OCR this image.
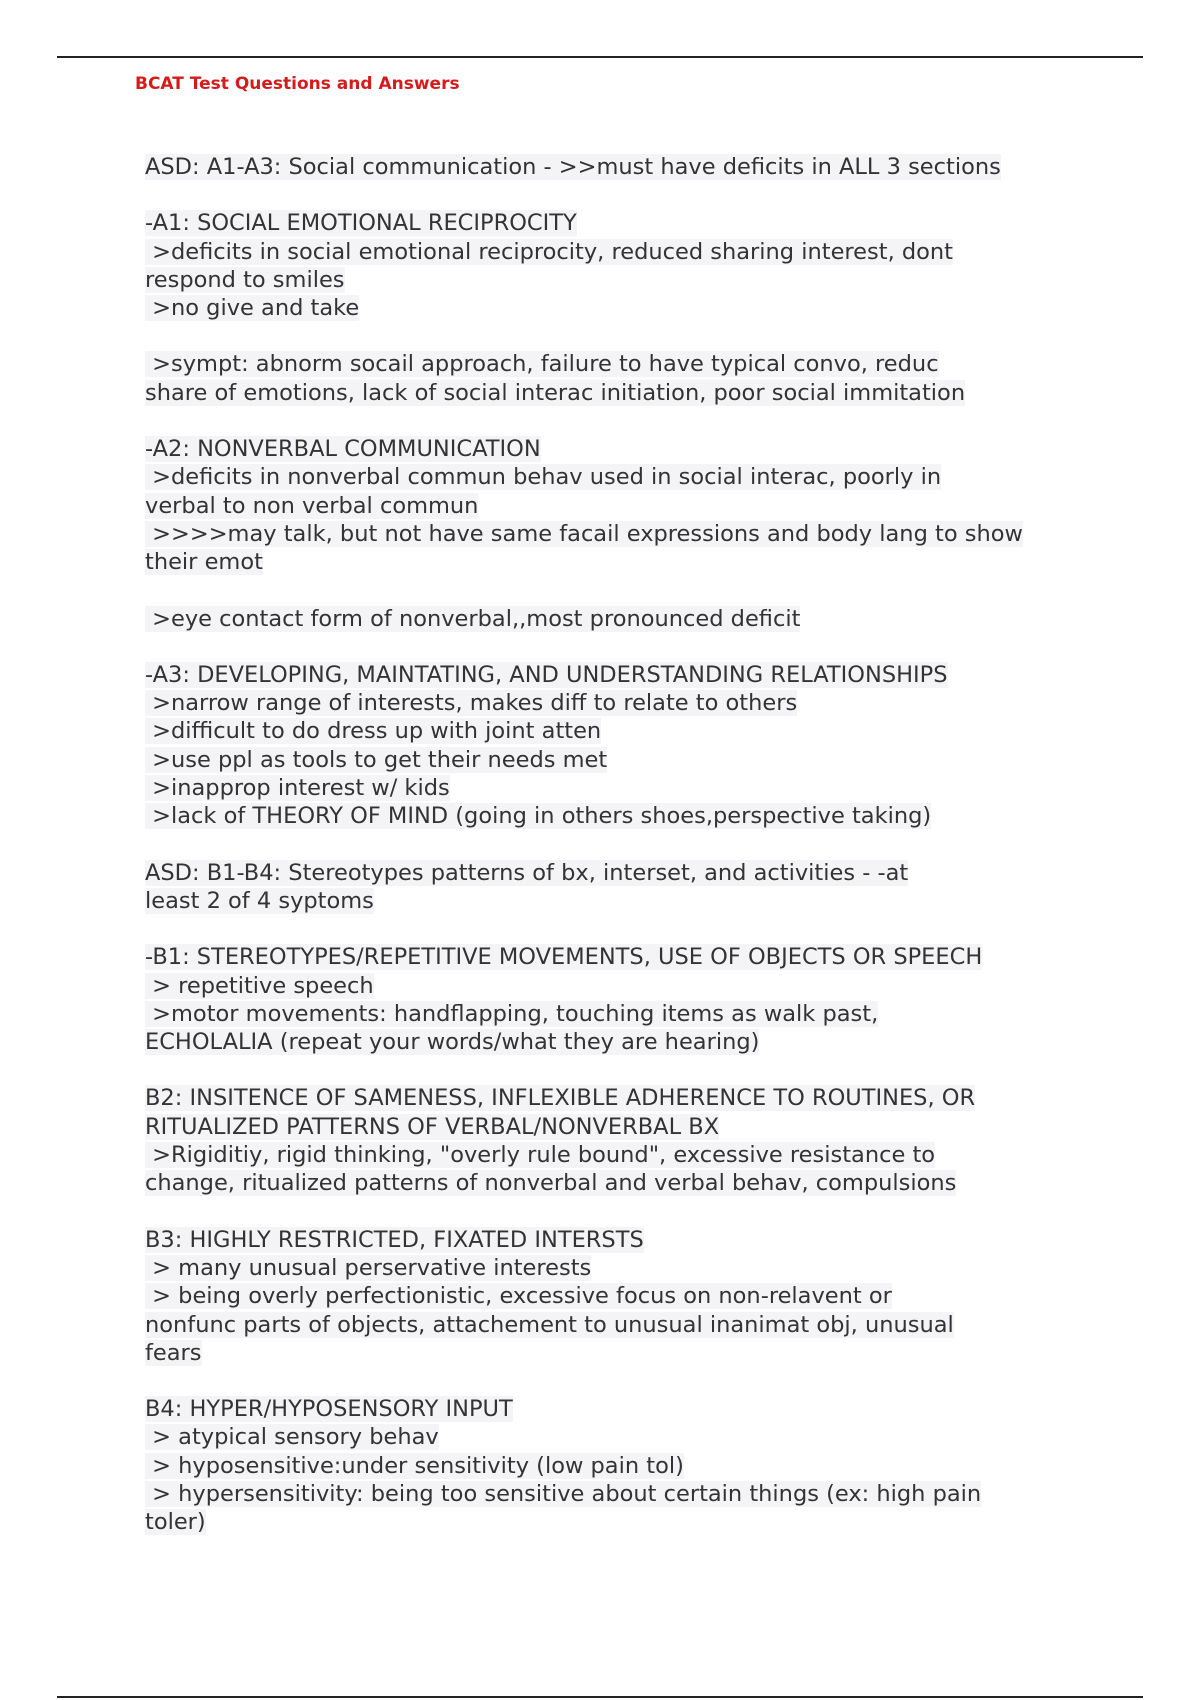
BCAT Test Questions and Answers
ASD: A1-A3: Social communication - >>must have deficits in ALL 3 sections
-A1: SOCIAL EMOTIONAL RECIPROCITY
>deficits in social emotional reciprocity, reduced sharing interest, dont
respond to smiles
>no give and take
>sympt: abnorm socail approach, failure to have typical convo, reduc
share of emotions, lack of social interac initiation, poor social immitation
-A2: NONVERBAL COMMUNICATION
>deficits in nonverbal commun behav used in social interac, poorly in
verbal to non verbal commun
>>>>may talk, but not have same facail expressions and body lang to show
their emot
>eye contact form of nonverbal,,most pronounced deficit
-A3: DEVELOPING, MAINTATING, AND UNDERSTANDING RELATIONSHIPS
>narrow range of interests, makes diff to relate to others
>difficult to do dress up with joint atten
>use ppl as tools to get their needs met
>inapprop interest w/ kids
>lack of THEORY OF MIND (going in others shoes,perspective taking)
ASD: B1-B4: Stereotypes patterns of bx, interset, and activities - -at
least 2 of 4 syptoms
-B1: STEREOTYPES/REPETITIVE MOVEMENTS, USE OF OBJECTS OR SPEECH
> repetitive speech
>motor movements: handflapping, touching items as walk past,
ECHOLALIA (repeat your words/what they are hearing)
B2: INSITENCE OF SAMENESS, INFLEXIBLE ADHERENCE TO ROUTINES, OR
RITUALIZED PATTERNS OF VERBAL/NONVERBAL BX
>Rigiditiy, rigid thinking, "overly rule bound", excessive resistance to
change, ritualized patterns of nonverbal and verbal behav, compulsions
B3: HIGHLY RESTRICTED, FIXATED INTERSTS
> many unusual perservative interests
> being overly perfectionistic, excessive focus on non-relavent or
nonfunc parts of objects, attachement to unusual inanimat obj, unusual
fears
B4: HYPER/HYPOSENSORY INPUT
> atypical sensory behav
> hyposensitive:under sensitivity (low pain tol)
> hypersensitivity: being too sensitive about certain things (ex: high pain
toler)
